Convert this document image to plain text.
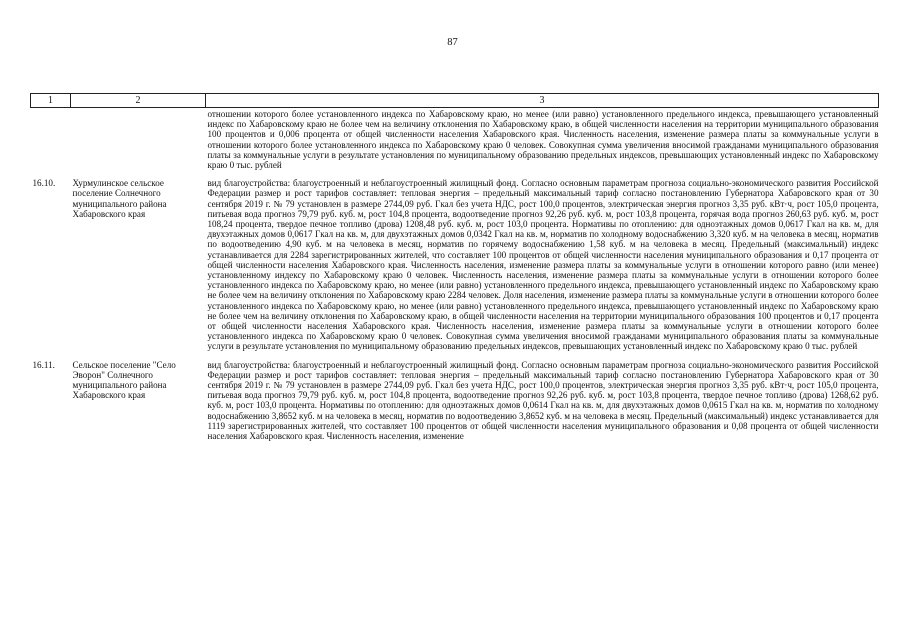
87
1	2	3
		отношении которого более установленного индекса по Хабаровскому краю, но менее (или равно) установленного предельного индекса, превышающего установленный индекс по Хабаровскому краю не более чем на величину отклонения по Хабаровскому краю, в общей численности населения на территории муниципального образования 100 процентов и 0,006 процента от общей численности населения Хабаровского края. Численность населения, изменение размера платы за коммунальные услуги в отношении которого более установленного индекса по Хабаровскому краю 0 человек. Совокупная сумма увеличения вносимой гражданами муниципального образования платы за коммунальные услуги в результате установления по муниципальному образованию предельных индексов, превышающих установленный индекс по Хабаровскому краю 0 тыс. рублей
16.10.	Хурмулинское сельское поселение Солнечного муниципального района Хабаровского края	вид благоустройства: благоустроенный и неблагоустроенный жилищный фонд. Согласно основным параметрам прогноза социально-экономического развития Российской Федерации размер и рост тарифов составляет: тепловая энергия – предельный максимальный тариф согласно постановлению Губернатора Хабаровского края от 30 сентября 2019 г. № 79 установлен в размере 2744,09 руб. Гкал без учета НДС, рост 100,0 процентов, электрическая энергия прогноз 3,35 руб. кВт·ч, рост 105,0 процента, питьевая вода прогноз 79,79 руб. куб. м, рост 104,8 процента, водоотведение прогноз 92,26 руб. куб. м, рост 103,8 процента, горячая вода прогноз 260,63 руб. куб. м, рост 108,24 процента, твердое печное топливо (дрова) 1208,48 руб. куб. м, рост 103,0 процента. Нормативы по отоплению: для одноэтажных домов 0,0617 Гкал на кв. м, для двухэтажных домов 0,0617 Гкал на кв. м, для двухэтажных домов 0,0342 Гкал на кв. м, норматив по холодному водоснабжению 3,320 куб. м на человека в месяц, норматив по водоотведению 4,90 куб. м на человека в месяц, норматив по горячему водоснабжению 1,58 куб. м на человека в месяц. Предельный (максимальный) индекс устанавливается для 2284 зарегистрированных жителей, что составляет 100 процентов от общей численности населения муниципального образования и 0,17 процента от общей численности населения Хабаровского края. Численность населения, изменение размера платы за коммунальные услуги в отношении которого равно (или менее) установленному индексу по Хабаровскому краю 0 человек. Численность населения, изменение размера платы за коммунальные услуги в отношении которого более установленного индекса по Хабаровскому краю, но менее (или равно) установленного предельного индекса, превышающего установленный индекс по Хабаровскому краю не более чем на величину отклонения по Хабаровскому краю 2284 человек. Доля населения, изменение размера платы за коммунальные услуги в отношении которого более установленного индекса по Хабаровскому краю, но менее (или равно) установленного предельного индекса, превышающего установленный индекс по Хабаровскому краю не более чем на величину отклонения по Хабаровскому краю, в общей численности населения на территории муниципального образования 100 процентов и 0,17 процента от общей численности населения Хабаровского края. Численность населения, изменение размера платы за коммунальные услуги в отношении которого более установленного индекса по Хабаровскому краю 0 человек. Совокупная сумма увеличения вносимой гражданами муниципального образования платы за коммунальные услуги в результате установления по муниципальному образованию предельных индексов, превышающих установленный индекс по Хабаровскому краю 0 тыс. рублей
16.11.	Сельское поселение "Село Эворон" Солнечного муниципального района Хабаровского края	вид благоустройства: благоустроенный и неблагоустроенный жилищный фонд. Согласно основным параметрам прогноза социально-экономического развития Российской Федерации размер и рост тарифов составляет: тепловая энергия – предельный максимальный тариф согласно постановлению Губернатора Хабаровского края от 30 сентября 2019 г. № 79 установлен в размере 2744,09 руб. Гкал без учета НДС, рост 100,0 процентов, электрическая энергия прогноз 3,35 руб. кВт·ч, рост 105,0 процента, питьевая вода прогноз 79,79 руб. куб. м, рост 104,8 процента, водоотведение прогноз 92,26 руб. куб. м, рост 103,8 процента, твердое печное топливо (дрова) 1268,62 руб. куб. м, рост 103,0 процента. Нормативы по отоплению: для одноэтажных домов 0,0614 Гкал на кв. м, для двухэтажных домов 0,0615 Гкал на кв. м, норматив по холодному водоснабжению 3,8652 куб. м на человека в месяц, норматив по водоотведению 3,8652 куб. м на человека в месяц. Предельный (максимальный) индекс устанавливается для 1119 зарегистрированных жителей, что составляет 100 процентов от общей численности населения муниципального образования и 0,08 процента от общей численности населения Хабаровского края. Численность населения, изменение
